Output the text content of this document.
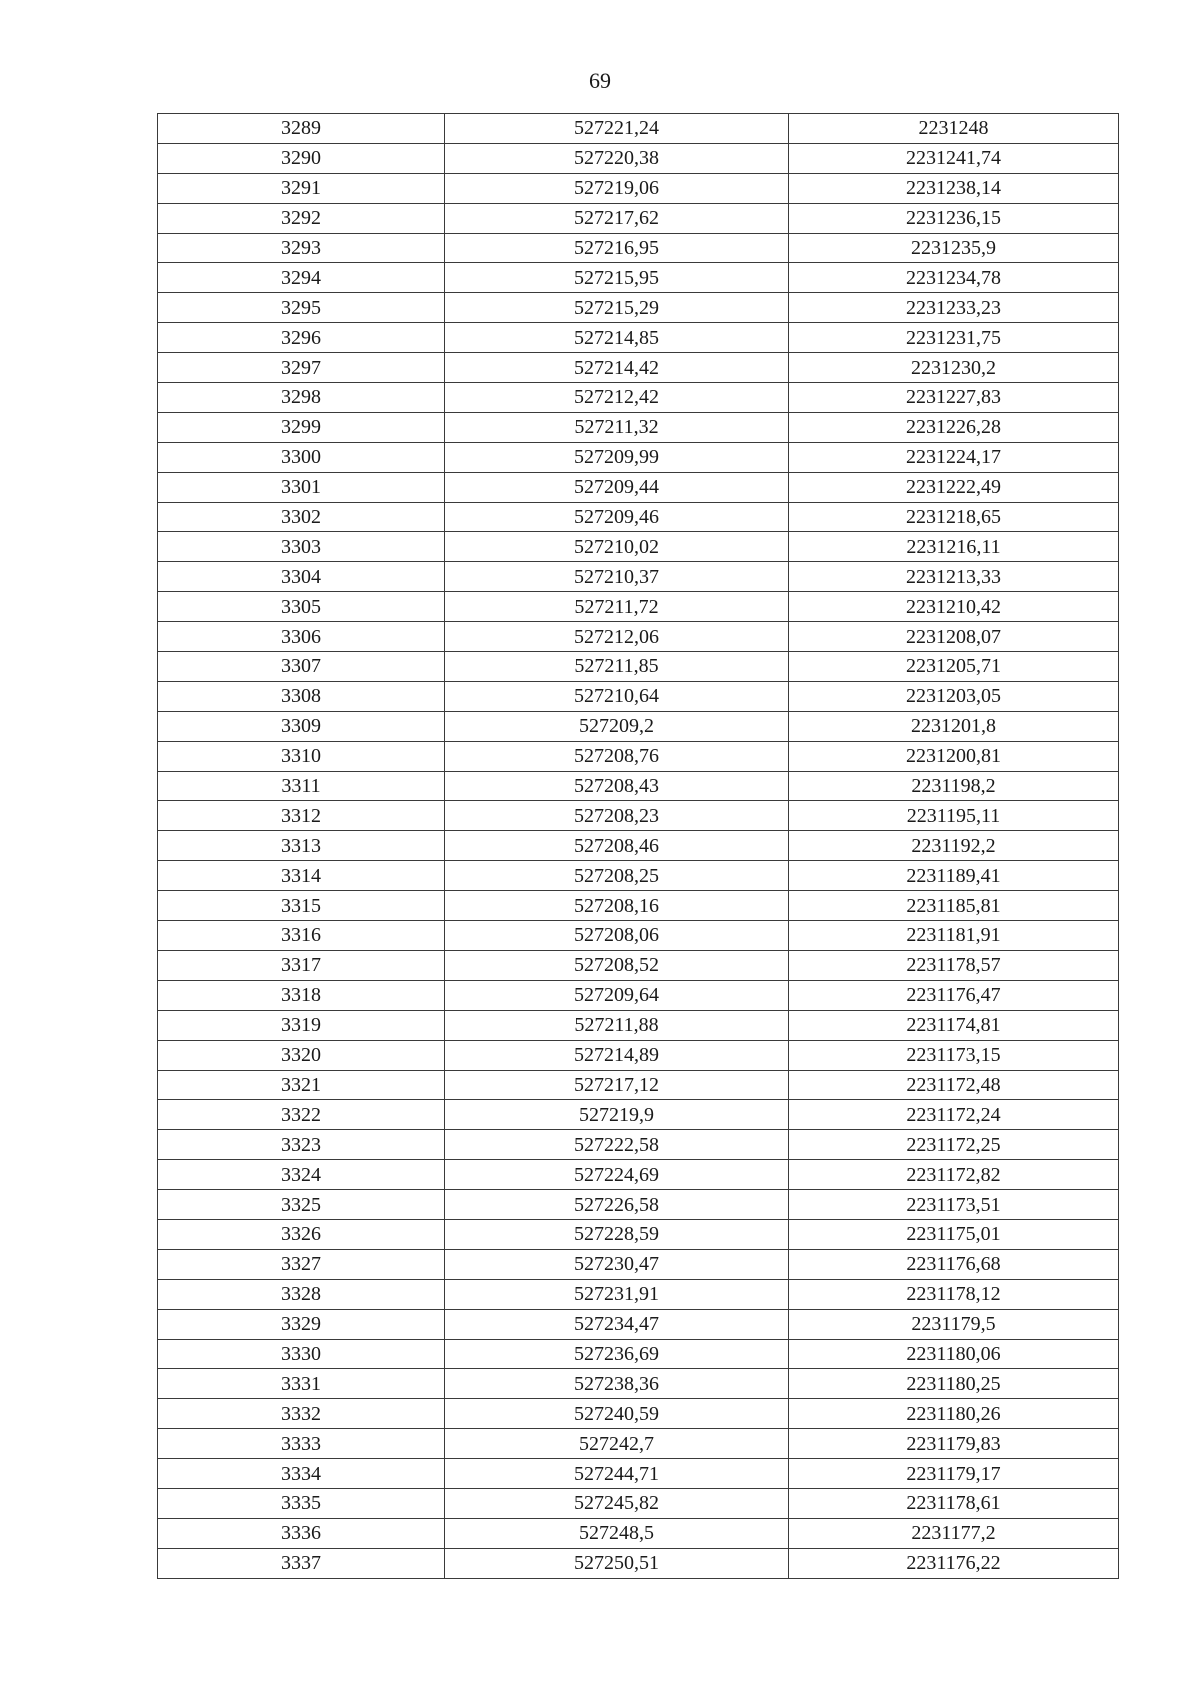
69
3289	527221,24	2231248
3290	527220,38	2231241,74
3291	527219,06	2231238,14
3292	527217,62	2231236,15
3293	527216,95	2231235,9
3294	527215,95	2231234,78
3295	527215,29	2231233,23
3296	527214,85	2231231,75
3297	527214,42	2231230,2
3298	527212,42	2231227,83
3299	527211,32	2231226,28
3300	527209,99	2231224,17
3301	527209,44	2231222,49
3302	527209,46	2231218,65
3303	527210,02	2231216,11
3304	527210,37	2231213,33
3305	527211,72	2231210,42
3306	527212,06	2231208,07
3307	527211,85	2231205,71
3308	527210,64	2231203,05
3309	527209,2	2231201,8
3310	527208,76	2231200,81
3311	527208,43	2231198,2
3312	527208,23	2231195,11
3313	527208,46	2231192,2
3314	527208,25	2231189,41
3315	527208,16	2231185,81
3316	527208,06	2231181,91
3317	527208,52	2231178,57
3318	527209,64	2231176,47
3319	527211,88	2231174,81
3320	527214,89	2231173,15
3321	527217,12	2231172,48
3322	527219,9	2231172,24
3323	527222,58	2231172,25
3324	527224,69	2231172,82
3325	527226,58	2231173,51
3326	527228,59	2231175,01
3327	527230,47	2231176,68
3328	527231,91	2231178,12
3329	527234,47	2231179,5
3330	527236,69	2231180,06
3331	527238,36	2231180,25
3332	527240,59	2231180,26
3333	527242,7	2231179,83
3334	527244,71	2231179,17
3335	527245,82	2231178,61
3336	527248,5	2231177,2
3337	527250,51	2231176,22
